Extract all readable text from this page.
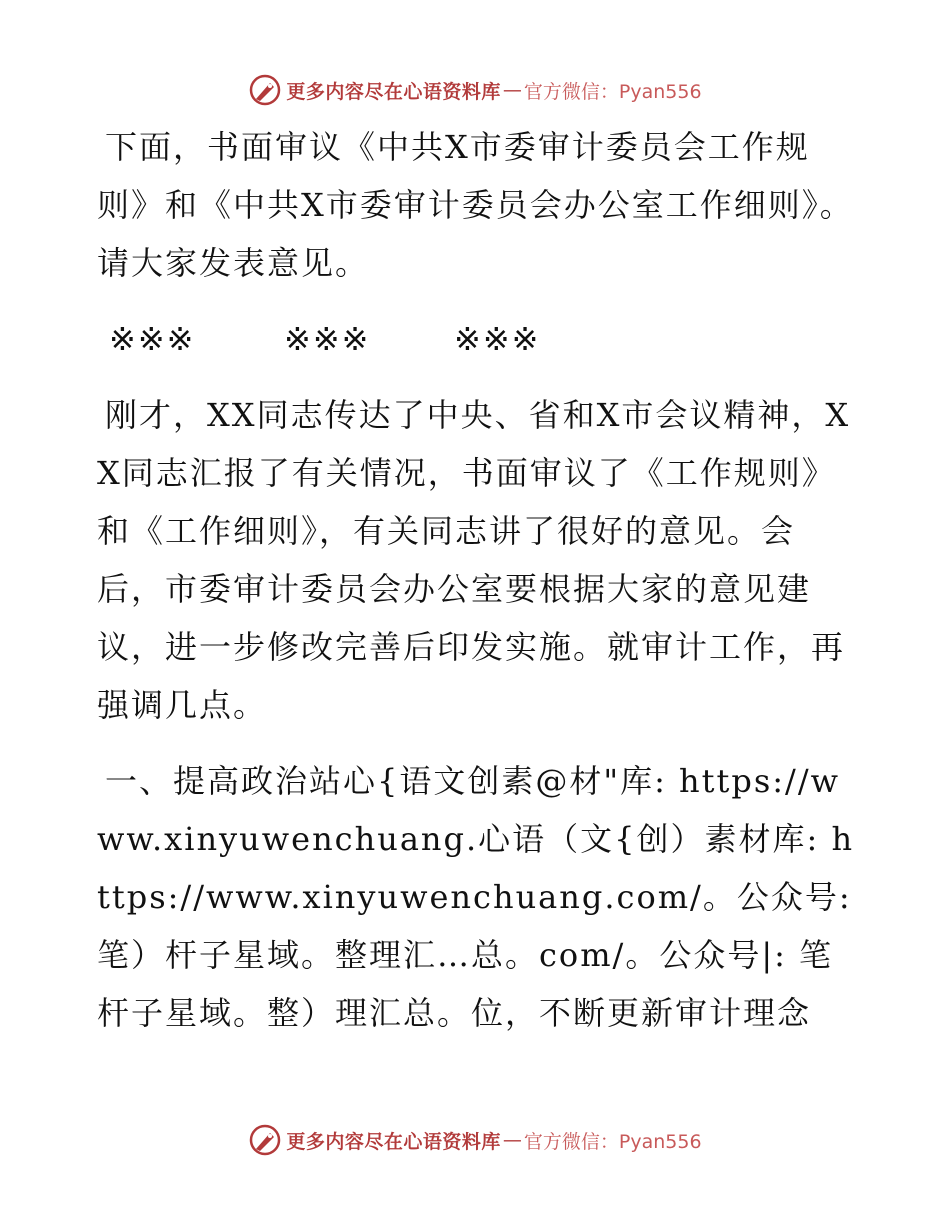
更多内容尽在心语资料库 — 官方微信：Pyan556

下面，书面审议《中共X市委审计委员会工作规则》和《中共X市委审计委员会办公室工作细则》。请大家发表意见。

※※※	※※※	※※※

刚才，XX同志传达了中央、省和X市会议精神，XX同志汇报了有关情况，书面审议了《工作规则》和《工作细则》，有关同志讲了很好的意见。会后，市委审计委员会办公室要根据大家的意见建议，进一步修改完善后印发实施。就审计工作，再强调几点。

一、提高政治站心{语文创素@材"库: https://www.xinyuwenchuang.心语（文{创）素材库: https://www.xinyuwenchuang.com/。公众号: 笔）杆子星域。整理汇…总。com/。公众号|: 笔杆子星域。整）理汇总。位，不断更新审计理念

更多内容尽在心语资料库 — 官方微信：Pyan556
